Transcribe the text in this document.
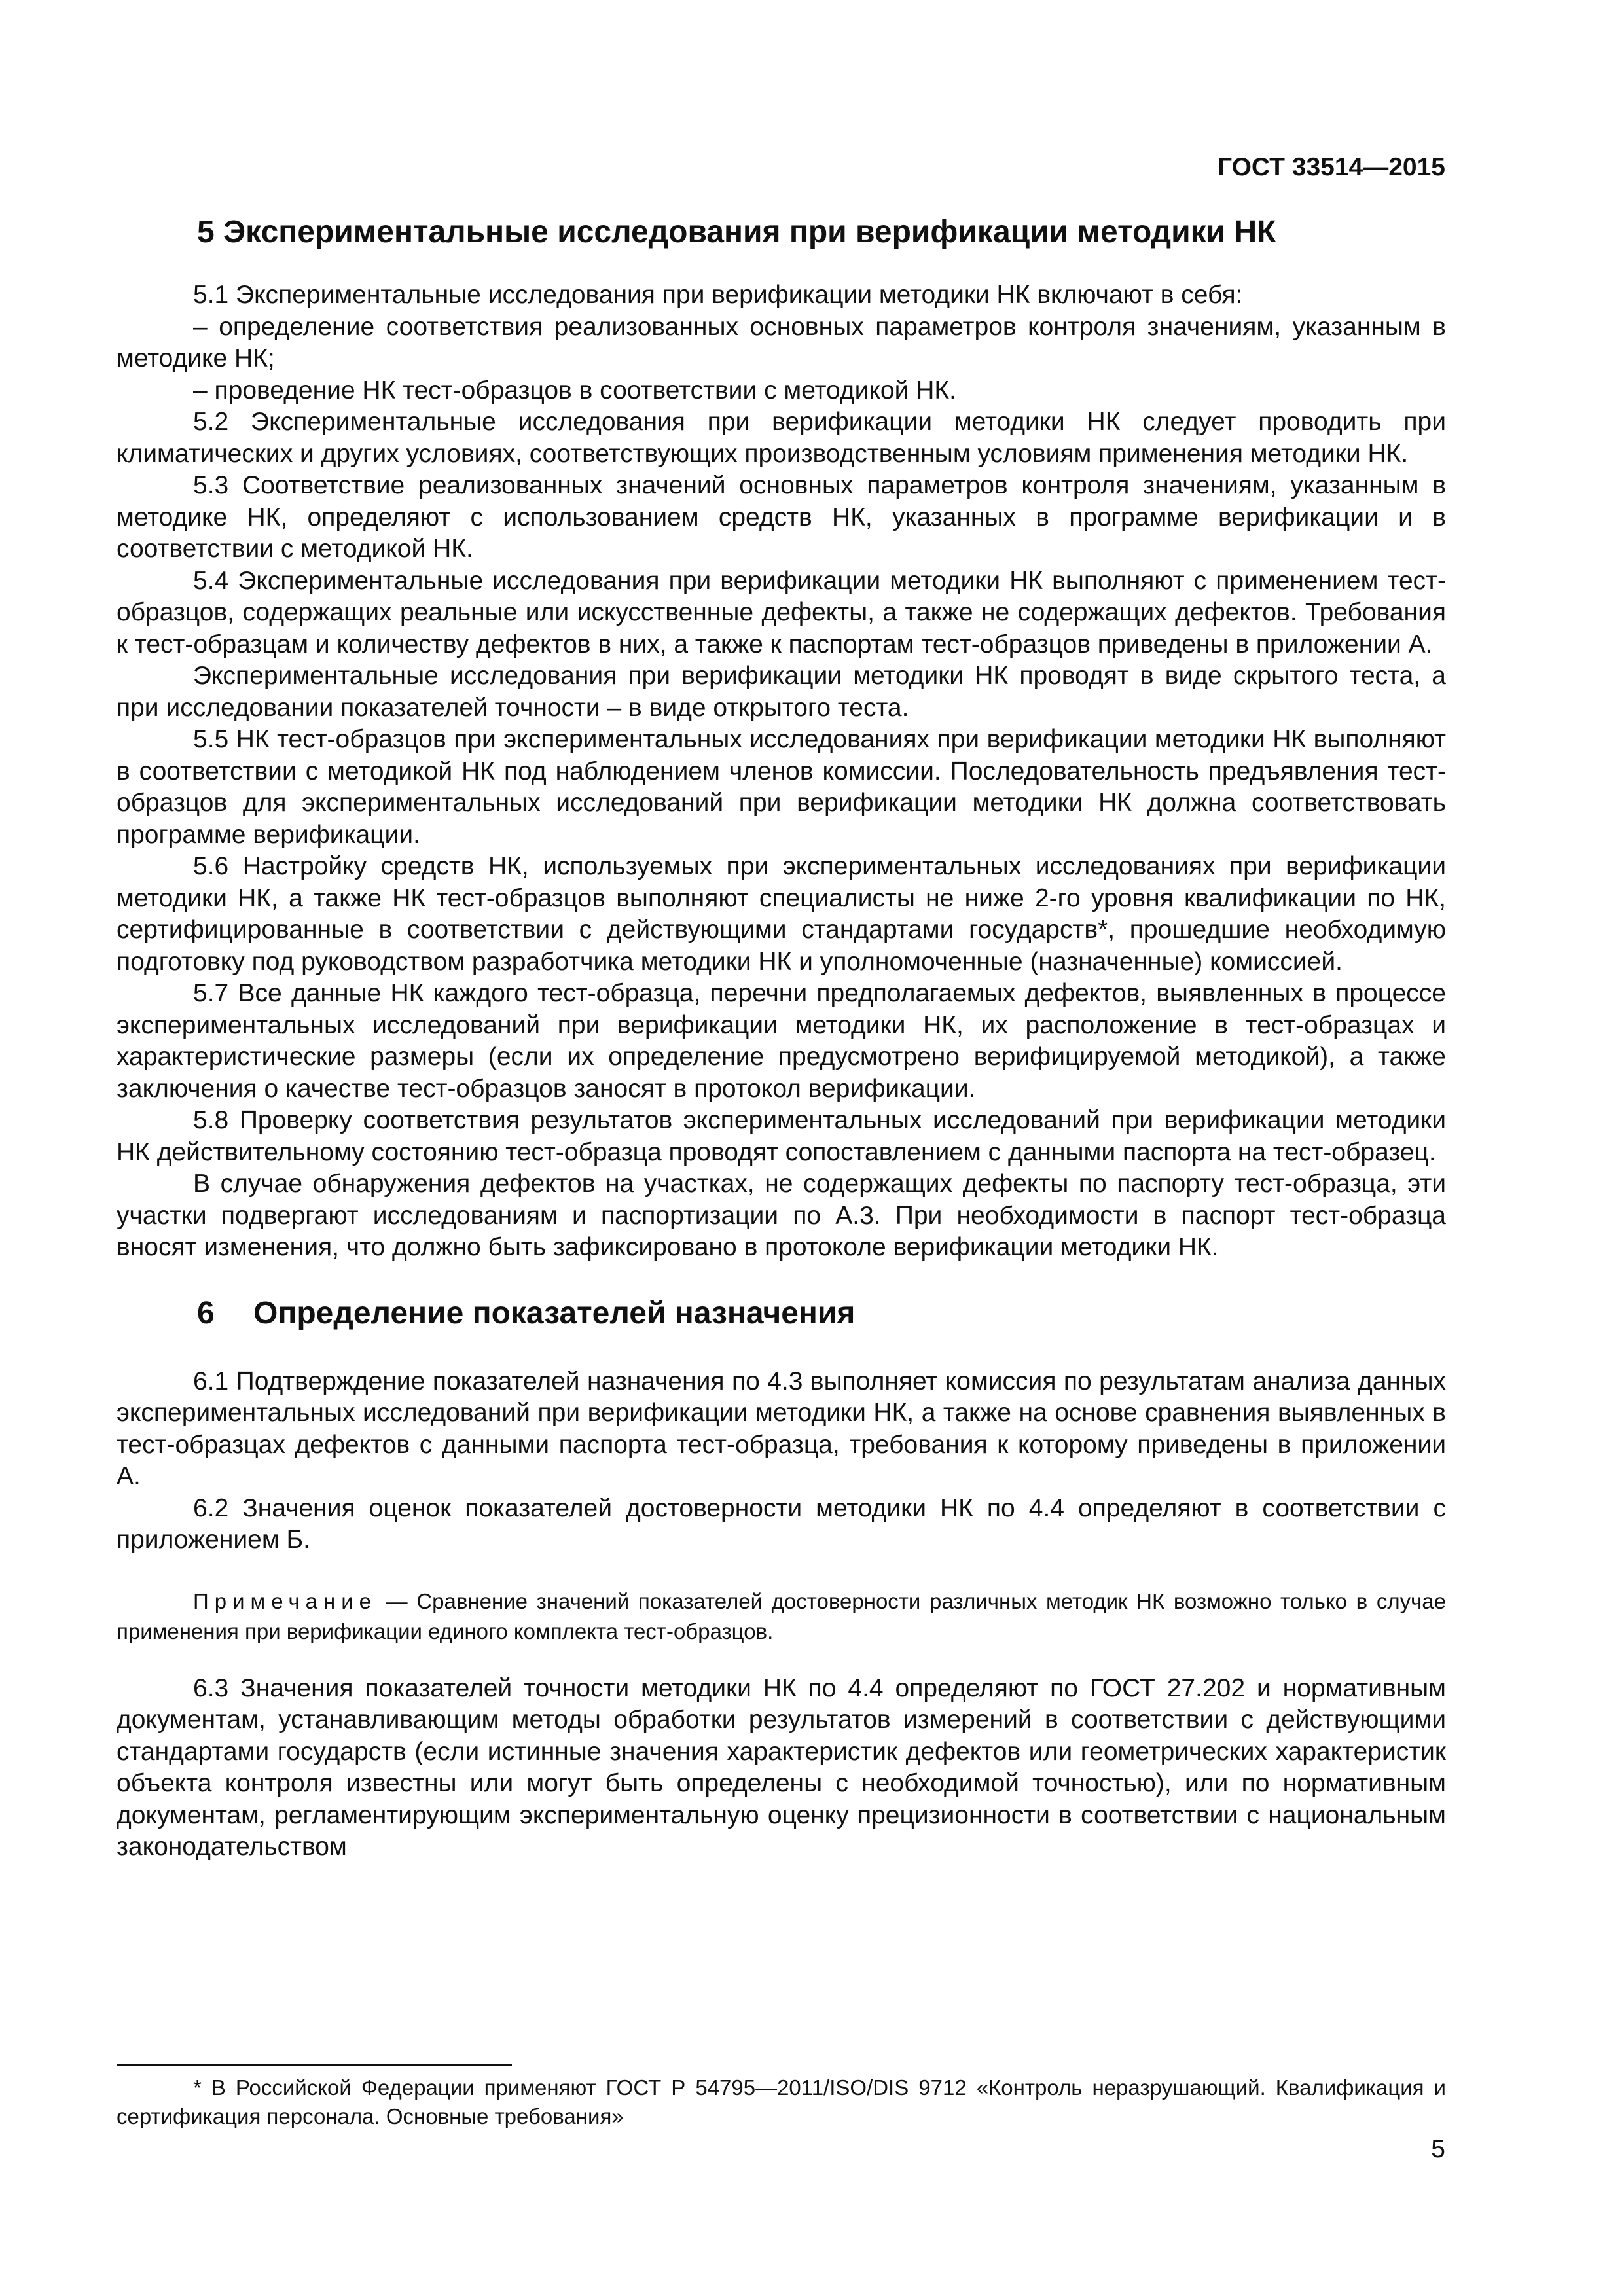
ГОСТ 33514—2015
5 Экспериментальные исследования при верификации методики НК

5.1 Экспериментальные исследования при верификации методики НК включают в себя:

– определение соответствия реализованных основных параметров контроля значениям, указанным в методике НК;

– проведение НК тест-образцов в соответствии с методикой НК.

5.2 Экспериментальные исследования при верификации методики НК следует проводить при климатических и других условиях, соответствующих производственным условиям применения методики НК.

5.3 Соответствие реализованных значений основных параметров контроля значениям, указанным в методике НК, определяют с использованием средств НК, указанных в программе верификации и в соответствии с методикой НК.

5.4 Экспериментальные исследования при верификации методики НК выполняют с применением тест-образцов, содержащих реальные или искусственные дефекты, а также не содержащих дефектов. Требования к тест-образцам и количеству дефектов в них, а также к паспортам тест-образцов приведены в приложении А.

Экспериментальные исследования при верификации методики НК проводят в виде скрытого теста, а при исследовании показателей точности – в виде открытого теста.

5.5 НК тест-образцов при экспериментальных исследованиях при верификации методики НК выполняют в соответствии с методикой НК под наблюдением членов комиссии. Последовательность предъявления тест-образцов для экспериментальных исследований при верификации методики НК должна соответствовать программе верификации.

5.6 Настройку средств НК, используемых при экспериментальных исследованиях при верификации методики НК, а также НК тест-образцов выполняют специалисты не ниже 2-го уровня квалификации по НК, сертифицированные в соответствии с действующими стандартами государств*, прошедшие необходимую подготовку под руководством разработчика методики НК и уполномоченные (назначенные) комиссией.

5.7 Все данные НК каждого тест-образца, перечни предполагаемых дефектов, выявленных в процессе экспериментальных исследований при верификации методики НК, их расположение в тест-образцах и характеристические размеры (если их определение предусмотрено верифицируемой методикой), а также заключения о качестве тест-образцов заносят в протокол верификации.

5.8 Проверку соответствия результатов экспериментальных исследований при верификации методики НК действительному состоянию тест-образца проводят сопоставлением с данными паспорта на тест-образец.

В случае обнаружения дефектов на участках, не содержащих дефекты по паспорту тест-образца, эти участки подвергают исследованиям и паспортизации по А.3. При необходимости в паспорт тест-образца вносят изменения, что должно быть зафиксировано в протоколе верификации методики НК.

6 Определение показателей назначения

6.1 Подтверждение показателей назначения по 4.3 выполняет комиссия по результатам анализа данных экспериментальных исследований при верификации методики НК, а также на основе сравнения выявленных в тест-образцах дефектов с данными паспорта тест-образца, требования к которому приведены в приложении А.

6.2 Значения оценок показателей достоверности методики НК по 4.4 определяют в соответствии с приложением Б.

Примечание — Сравнение значений показателей достоверности различных методик НК возможно только в случае применения при верификации единого комплекта тест-образцов.

6.3 Значения показателей точности методики НК по 4.4 определяют по ГОСТ 27.202 и нормативным документам, устанавливающим методы обработки результатов измерений в соответствии с действующими стандартами государств (если истинные значения характеристик дефектов или геометрических характеристик объекта контроля известны или могут быть определены с необходимой точностью), или по нормативным документам, регламентирующим экспериментальную оценку прецизионности в соответствии с национальным законодательством

* В Российской Федерации применяют ГОСТ Р 54795—2011/ISO/DIS 9712 «Контроль неразрушающий. Квалификация и сертификация персонала. Основные требования»
5
